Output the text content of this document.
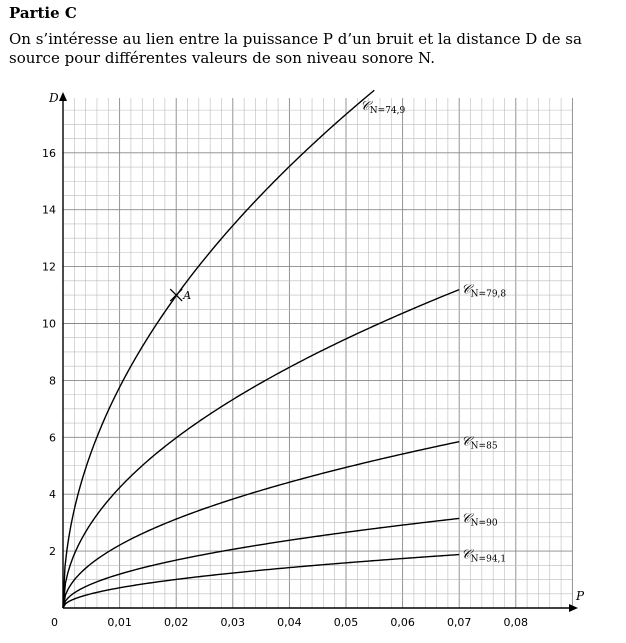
Partie C
On s’intéresse au lien entre la puissance P d’un bruit et la distance D de sa source pour différentes valeurs de son niveau sonore N.
P
D
0	0,01	0,02	0,03	0,04	0,05	0,06	0,07	0,08
2
4
6
8
10
12
14
16
𝒞N=74,9
𝒞N=79,8
𝒞N=85
𝒞N=90
𝒞N=94,1
A
